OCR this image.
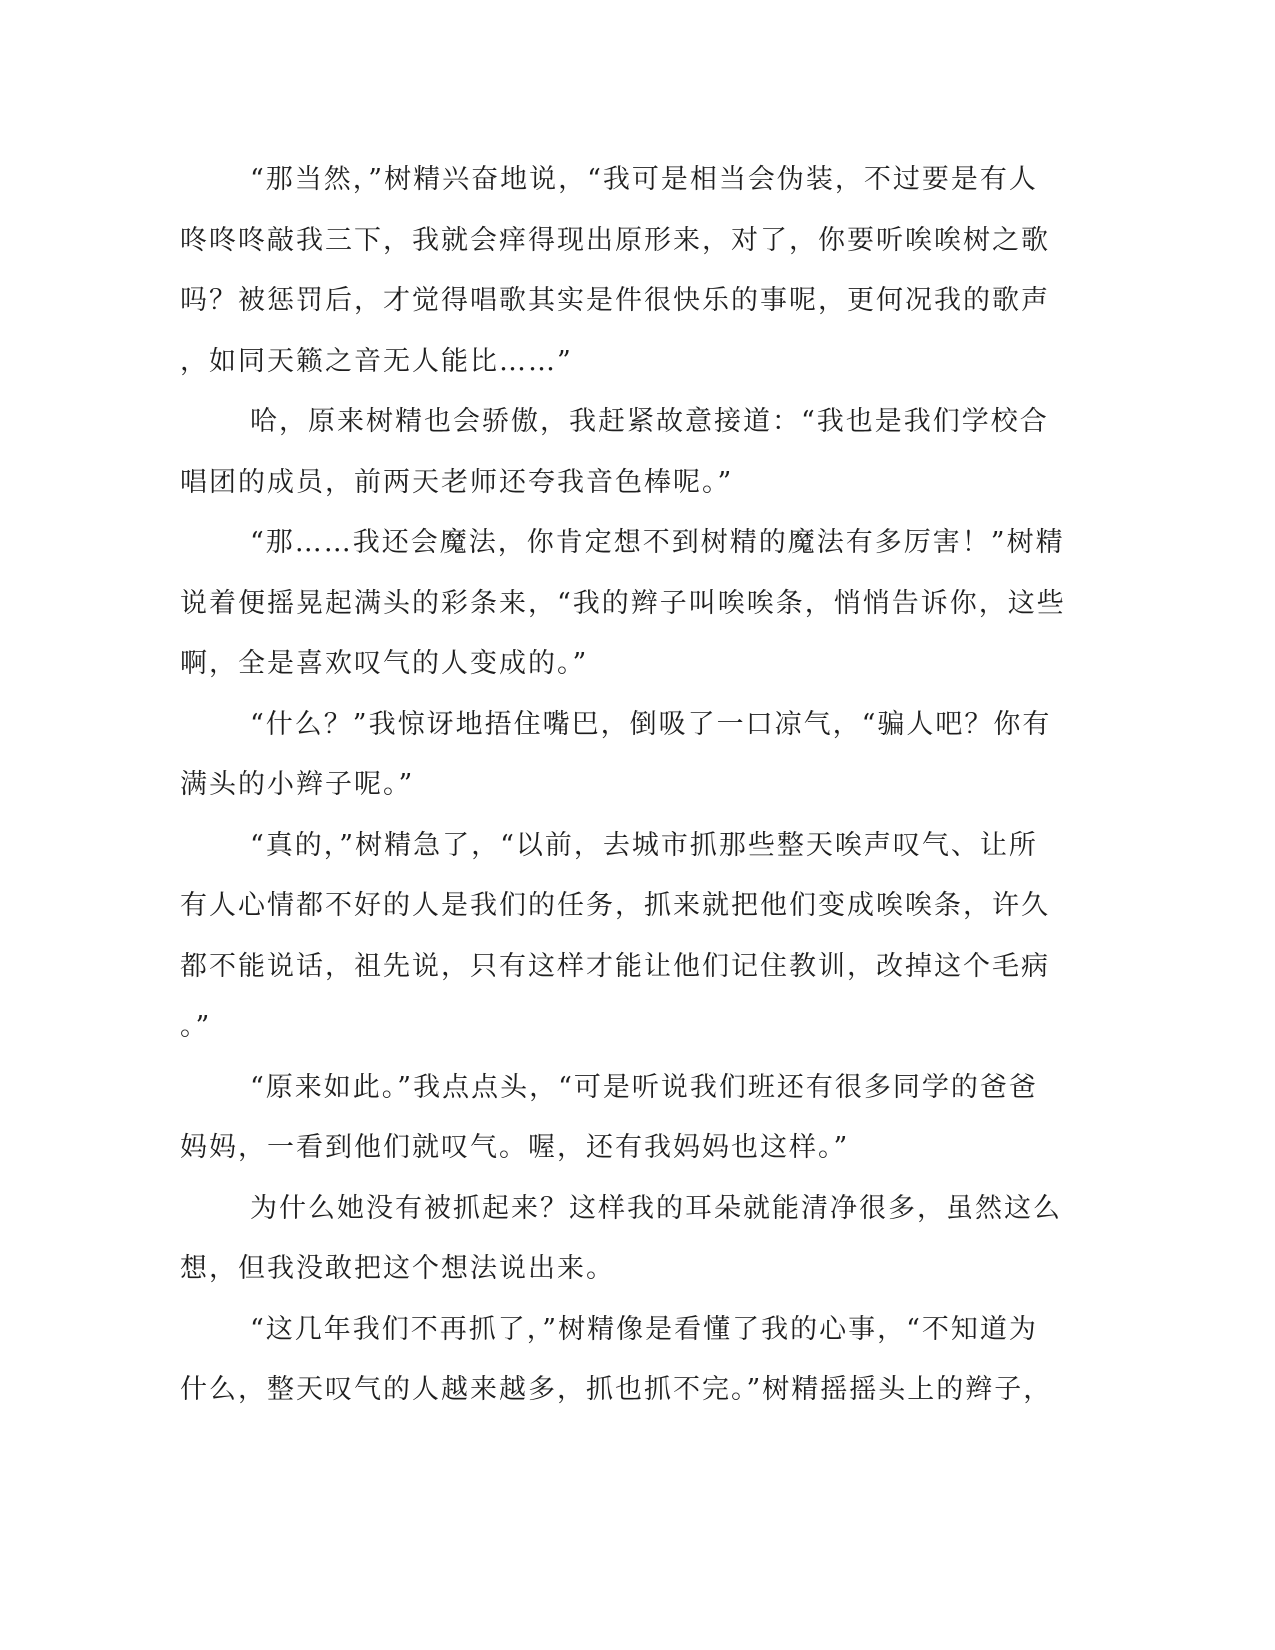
“那当然，”树精兴奋地说，“我可是相当会伪装，不过要是有人
咚咚咚敲我三下，我就会痒得现出原形来，对了，你要听唉唉树之歌
吗？被惩罚后，才觉得唱歌其实是件很快乐的事呢，更何况我的歌声
，如同天籁之音无人能比……”
哈，原来树精也会骄傲，我赶紧故意接道：“我也是我们学校合
唱团的成员，前两天老师还夸我音色棒呢。”
“那……我还会魔法，你肯定想不到树精的魔法有多厉害！”树精
说着便摇晃起满头的彩条来，“我的辫子叫唉唉条，悄悄告诉你，这些
啊，全是喜欢叹气的人变成的。”
“什么？”我惊讶地捂住嘴巴，倒吸了一口凉气，“骗人吧？你有
满头的小辫子呢。”
“真的，”树精急了，“以前，去城市抓那些整天唉声叹气、让所
有人心情都不好的人是我们的任务，抓来就把他们变成唉唉条，许久
都不能说话，祖先说，只有这样才能让他们记住教训，改掉这个毛病
。”
“原来如此。”我点点头，“可是听说我们班还有很多同学的爸爸
妈妈，一看到他们就叹气。喔，还有我妈妈也这样。”
为什么她没有被抓起来？这样我的耳朵就能清净很多，虽然这么
想，但我没敢把这个想法说出来。
“这几年我们不再抓了，”树精像是看懂了我的心事，“不知道为
什么，整天叹气的人越来越多，抓也抓不完。”树精摇摇头上的辫子，
